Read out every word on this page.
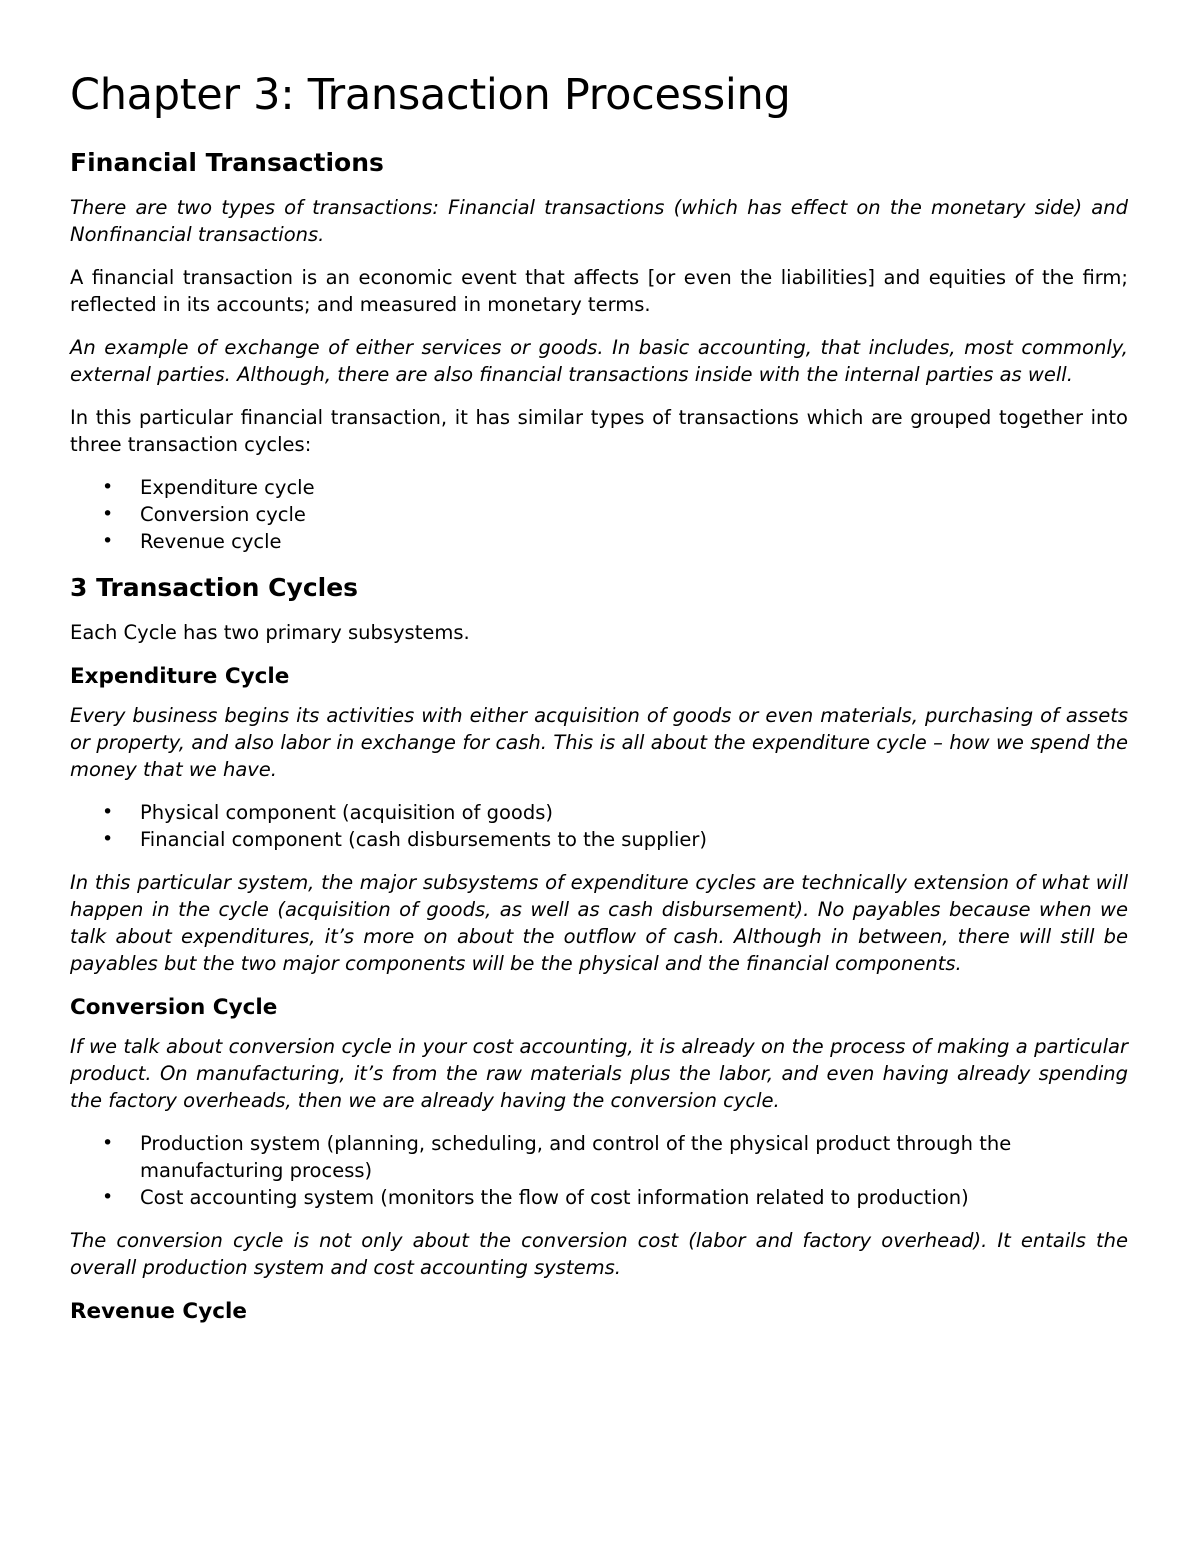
Chapter 3: Transaction Processing
Financial Transactions

There are two types of transactions: Financial transactions (which has effect on the monetary side) and Nonfinancial transactions.

A financial transaction is an economic event that affects [or even the liabilities] and equities of the firm; reflected in its accounts; and measured in monetary terms.

An example of exchange of either services or goods. In basic accounting, that includes, most commonly, external parties. Although, there are also financial transactions inside with the internal parties as well.

In this particular financial transaction, it has similar types of transactions which are grouped together into three transaction cycles:

• Expenditure cycle
• Conversion cycle
• Revenue cycle
3 Transaction Cycles

Each Cycle has two primary subsystems.

Expenditure Cycle

Every business begins its activities with either acquisition of goods or even materials, purchasing of assets or property, and also labor in exchange for cash. This is all about the expenditure cycle – how we spend the money that we have.

• Physical component (acquisition of goods)
• Financial component (cash disbursements to the supplier)

In this particular system, the major subsystems of expenditure cycles are technically extension of what will happen in the cycle (acquisition of goods, as well as cash disbursement). No payables because when we talk about expenditures, it’s more on about the outflow of cash. Although in between, there will still be payables but the two major components will be the physical and the financial components.

Conversion Cycle

If we talk about conversion cycle in your cost accounting, it is already on the process of making a particular product. On manufacturing, it’s from the raw materials plus the labor, and even having already spending the factory overheads, then we are already having the conversion cycle.

• Production system (planning, scheduling, and control of the physical product through the manufacturing process)
• Cost accounting system (monitors the flow of cost information related to production)

The conversion cycle is not only about the conversion cost (labor and factory overhead). It entails the overall production system and cost accounting systems.

Revenue Cycle
